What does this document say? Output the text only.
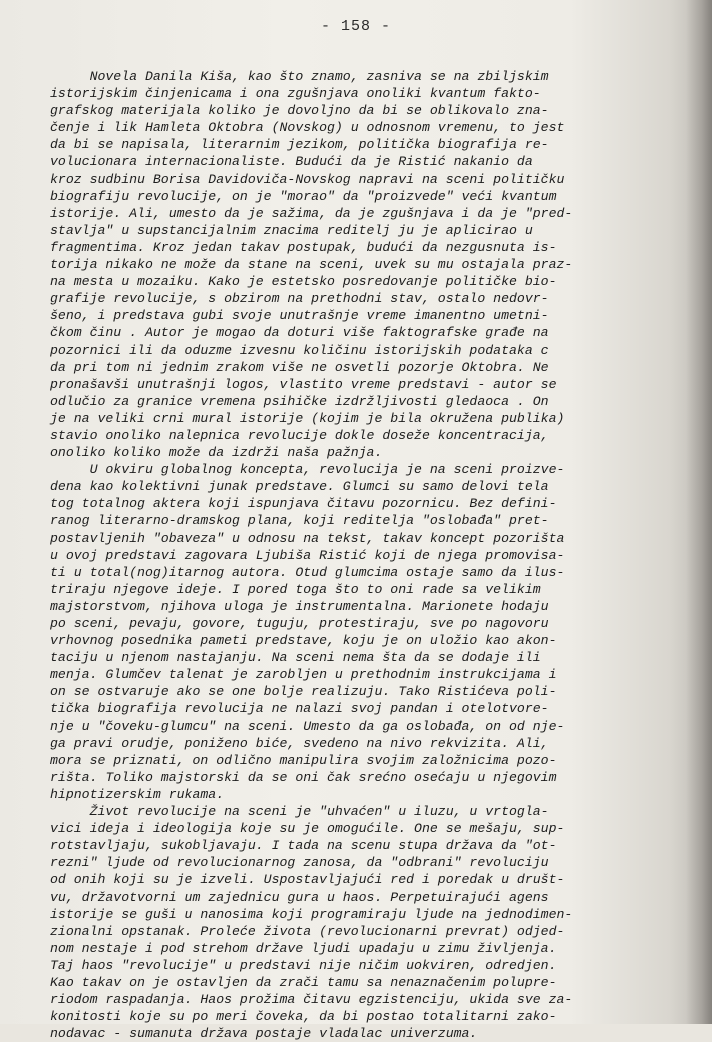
- 158 -
Novela Danila Kiša, kao što znamo, zasniva se na zbiljskim
istorijskim činjenicama i ona zgušnjava onoliki kvantum fakto-
grafskog materijala koliko je dovoljno da bi se oblikovalo zna-
čenje i lik Hamleta Oktobra (Novskog) u odnosnom vremenu, to jest
da bi se napisala, literarnim jezikom, politička biografija re-
volucionara internacionaliste. Budući da je Ristić nakanio da
kroz sudbinu Borisa Davidoviča-Novskog napravi na sceni političku
biografiju revolucije, on je "morao" da "proizvede" veći kvantum
istorije. Ali, umesto da je sažima, da je zgušnjava i da je "pred-
stavlja" u supstancijalnim znacima reditelj ju je aplicirao u
fragmentima. Kroz jedan takav postupak, budući da nezgusnuta is-
torija nikako ne može da stane na sceni, uvek su mu ostajala praz-
na mesta u mozaiku. Kako je estetsko posredovanje političke bio-
grafije revolucije, s obzirom na prethodni stav, ostalo nedovr-
šeno, i predstava gubi svoje unutrašnje vreme imanentno umetni-
čkom činu . Autor je mogao da doturi više faktografske građe na
pozornici ili da oduzme izvesnu količinu istorijskih podataka c
da pri tom ni jednim zrakom više ne osvetli pozorje Oktobra. Ne
pronašavši unutrašnji logos, vlastito vreme predstavi - autor se
odlučio za granice vremena psihičke izdržljivosti gledaoca . On
je na veliki crni mural istorije (kojim je bila okružena publika)
stavio onoliko nalepnica revolucije dokle doseže koncentracija,
onoliko koliko može da izdrži naša pažnja.
U okviru globalnog koncepta, revolucija je na sceni proizve-
dena kao kolektivni junak predstave. Glumci su samo delovi tela
tog totalnog aktera koji ispunjava čitavu pozornicu. Bez defini-
ranog literarno-dramskog plana, koji reditelja "oslobađa" pret-
postavljenih "obaveza" u odnosu na tekst, takav koncept pozorišta
u ovoj predstavi zagovara Ljubiša Ristić koji de njega promovisa-
ti u total(nog)itarnog autora. Otud glumcima ostaje samo da ilus-
triraju njegove ideje. I pored toga što to oni rade sa velikim
majstorstvom, njihova uloga je instrumentalna. Marionete hodaju
po sceni, pevaju, govore, tuguju, protestiraju, sve po nagovoru
vrhovnog posednika pameti predstave, koju je on uložio kao akon-
taciju u njenom nastajanju. Na sceni nema šta da se dodaje ili
menja. Glumčev talenat je zarobljen u prethodnim instrukcijama i
on se ostvaruje ako se one bolje realizuju. Tako Ristićeva poli-
tička biografija revolucija ne nalazi svoj pandan i otelotvore-
nje u "čoveku-glumcu" na sceni. Umesto da ga oslobađa, on od nje-
ga pravi orudje, poniženo biće, svedeno na nivo rekvizita. Ali,
mora se priznati, on odlično manipulira svojim založnicima pozo-
rišta. Toliko majstorski da se oni čak srećno osećaju u njegovim
hipnotizerskim rukama.
Život revolucije na sceni je "uhvaćen" u iluzu, u vrtogla-
vici ideja i ideologija koje su je omogućile. One se mešaju, sup-
rotstavljaju, sukobljavaju. I tada na scenu stupa država da "ot-
rezni" ljude od revolucionarnog zanosa, da "odbrani" revoluciju
od onih koji su je izveli. Uspostavljajući red i poredak u društ-
vu, državotvorni um zajednicu gura u haos. Perpetuirajući agens
istorije se guši u nanosima koji programiraju ljude na jednodimen-
zionalni opstanak. Proleće života (revolucionarni prevrat) odjed-
nom nestaje i pod strehom države ljudi upadaju u zimu življenja.
Taj haos "revolucije" u predstavi nije ničim uokviren, odredjen.
Kao takav on je ostavljen da zrači tamu sa nenaznačenim polupre-
riodom raspadanja. Haos prožima čitavu egzistenciju, ukida sve za-
konitosti koje su po meri čoveka, da bi postao totalitarni zako-
nodavac - sumanuta država postaje vladalac univerzuma.
